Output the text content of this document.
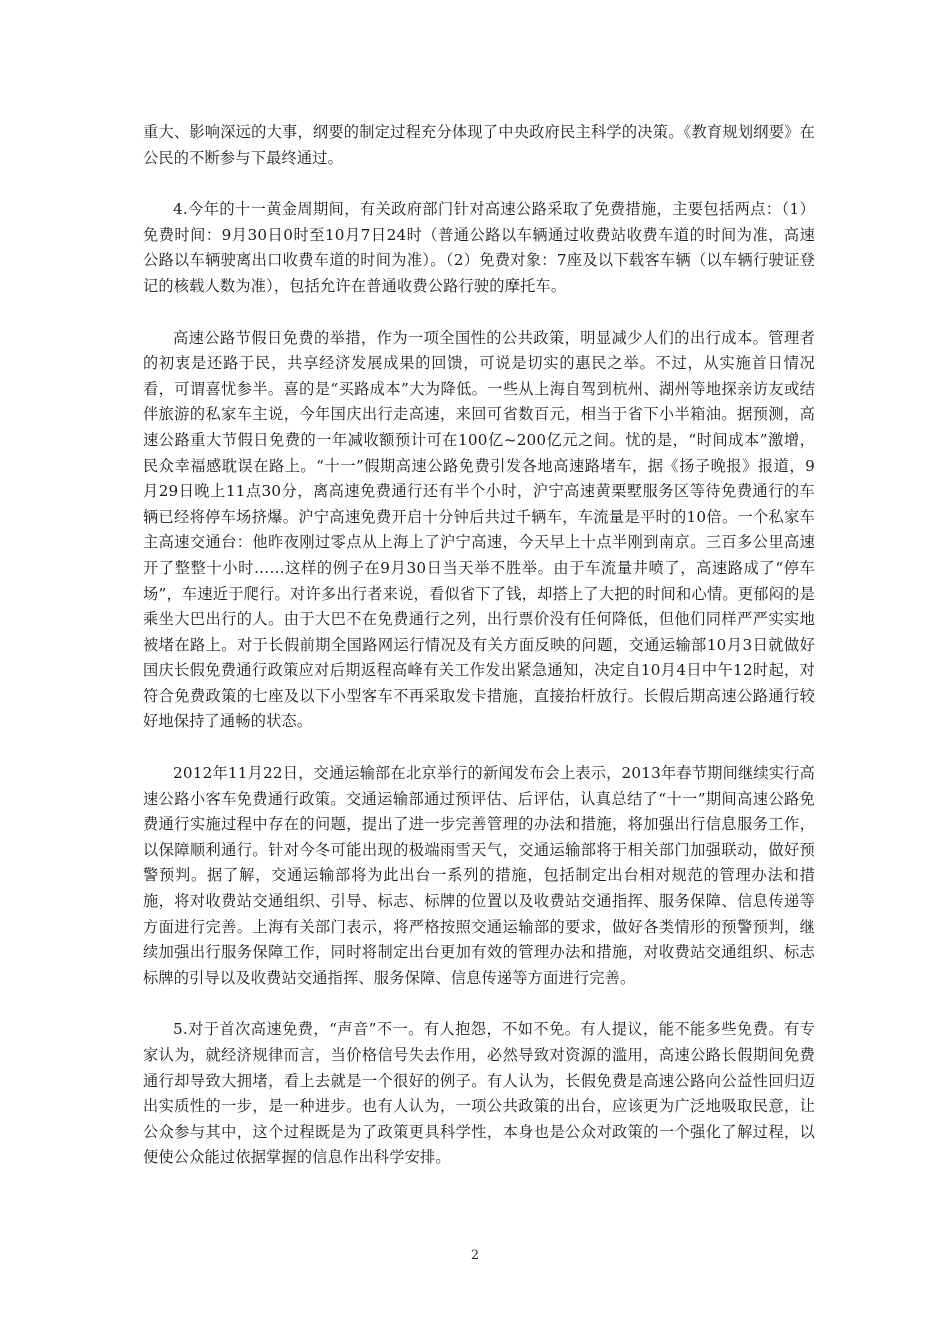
重大、影响深远的大事，纲要的制定过程充分体现了中央政府民主科学的决策。《教育规划纲要》在公民的不断参与下最终通过。

4.今年的十一黄金周期间，有关政府部门针对高速公路采取了免费措施，主要包括两点：（1）免费时间：9月30日0时至10月7日24时（普通公路以车辆通过收费站收费车道的时间为准，高速公路以车辆驶离出口收费车道的时间为准）。（2）免费对象：7座及以下载客车辆（以车辆行驶证登记的核载人数为准），包括允许在普通收费公路行驶的摩托车。

高速公路节假日免费的举措，作为一项全国性的公共政策，明显减少人们的出行成本。管理者的初衷是还路于民，共享经济发展成果的回馈，可说是切实的惠民之举。不过，从实施首日情况看，可谓喜忧参半。喜的是“买路成本”大为降低。一些从上海自驾到杭州、湖州等地探亲访友或结伴旅游的私家车主说，今年国庆出行走高速，来回可省数百元，相当于省下小半箱油。据预测，高速公路重大节假日免费的一年减收额预计可在100亿~200亿元之间。忧的是，“时间成本”激增，民众幸福感耽误在路上。“十一”假期高速公路免费引发各地高速路堵车，据《扬子晚报》报道，9月29日晚上11点30分，离高速免费通行还有半个小时，沪宁高速黄栗墅服务区等待免费通行的车辆已经将停车场挤爆。沪宁高速免费开启十分钟后共过千辆车，车流量是平时的10倍。一个私家车主高速交通台：他昨夜刚过零点从上海上了沪宁高速，今天早上十点半刚到南京。三百多公里高速开了整整十小时……这样的例子在9月30日当天举不胜举。由于车流量井喷了，高速路成了“停车场”，车速近于爬行。对许多出行者来说，看似省下了钱，却搭上了大把的时间和心情。更郁闷的是乘坐大巴出行的人。由于大巴不在免费通行之列，出行票价没有任何降低，但他们同样严严实实地被堵在路上。对于长假前期全国路网运行情况及有关方面反映的问题，交通运输部10月3日就做好国庆长假免费通行政策应对后期返程高峰有关工作发出紧急通知，决定自10月4日中午12时起，对符合免费政策的七座及以下小型客车不再采取发卡措施，直接抬杆放行。长假后期高速公路通行较好地保持了通畅的状态。

2012年11月22日，交通运输部在北京举行的新闻发布会上表示，2013年春节期间继续实行高速公路小客车免费通行政策。交通运输部通过预评估、后评估，认真总结了“十一”期间高速公路免费通行实施过程中存在的问题，提出了进一步完善管理的办法和措施，将加强出行信息服务工作，以保障顺利通行。针对今冬可能出现的极端雨雪天气，交通运输部将于相关部门加强联动，做好预警预判。据了解，交通运输部将为此出台一系列的措施，包括制定出台相对规范的管理办法和措施，将对收费站交通组织、引导、标志、标牌的位置以及收费站交通指挥、服务保障、信息传递等方面进行完善。上海有关部门表示，将严格按照交通运输部的要求，做好各类情形的预警预判，继续加强出行服务保障工作，同时将制定出台更加有效的管理办法和措施，对收费站交通组织、标志标牌的引导以及收费站交通指挥、服务保障、信息传递等方面进行完善。

5.对于首次高速免费，“声音”不一。有人抱怨，不如不免。有人提议，能不能多些免费。有专家认为，就经济规律而言，当价格信号失去作用，必然导致对资源的滥用，高速公路长假期间免费通行却导致大拥堵，看上去就是一个很好的例子。有人认为，长假免费是高速公路向公益性回归迈出实质性的一步，是一种进步。也有人认为，一项公共政策的出台，应该更为广泛地吸取民意，让公众参与其中，这个过程既是为了政策更具科学性，本身也是公众对政策的一个强化了解过程，以便使公众能过依据掌握的信息作出科学安排。

2
